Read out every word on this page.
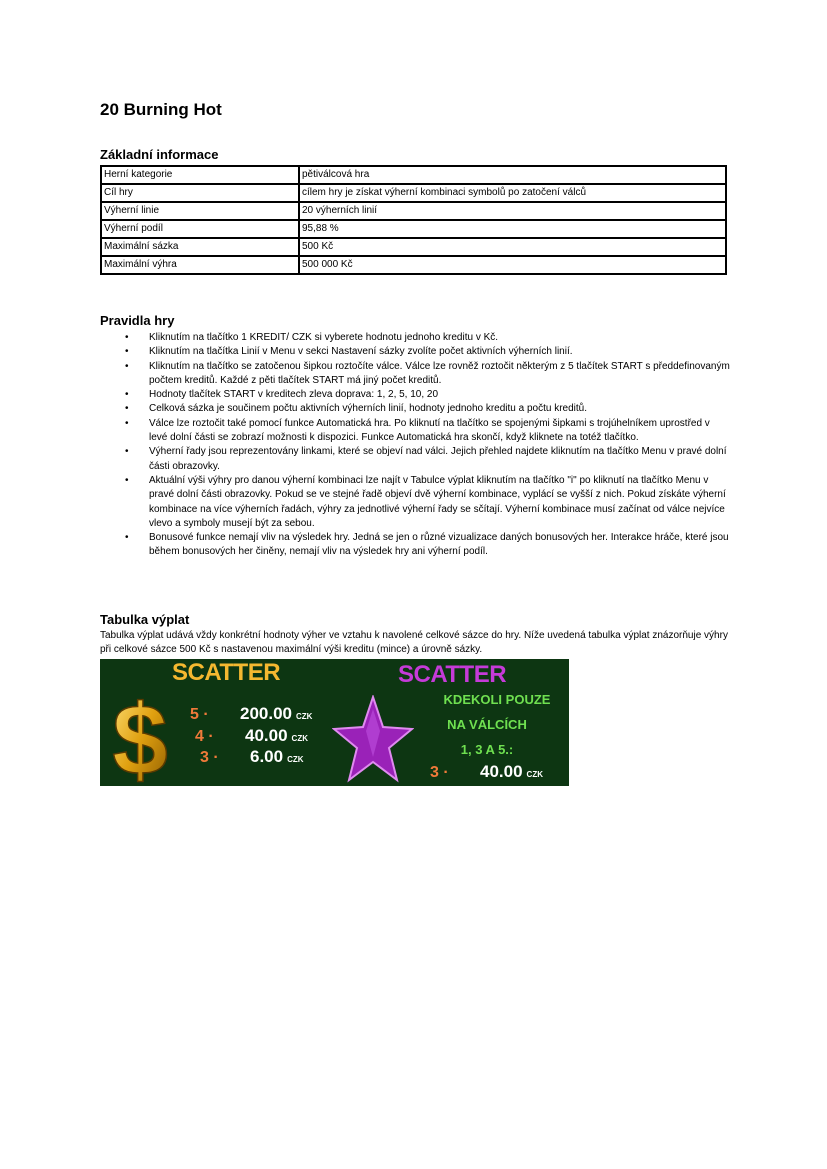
20 Burning Hot
Základní informace
Herní kategorie	pětiválcová hra
Cíl hry	cílem hry je získat výherní kombinaci symbolů po zatočení válců
Výherní linie	20 výherních linií
Výherní podíl	95,88 %
Maximální sázka	500 Kč
Maximální výhra	500 000 Kč
Pravidla hry
• Kliknutím na tlačítko 1 KREDIT/ CZK si vyberete hodnotu jednoho kreditu v Kč.
• Kliknutím na tlačítka Linií v Menu v sekci Nastavení sázky zvolíte počet aktivních výherních linií.
• Kliknutím na tlačítko se zatočenou šipkou roztočíte válce. Válce lze rovněž roztočit některým z 5 tlačítek START s předdefinovaným počtem kreditů. Každé z pěti tlačítek START má jiný počet kreditů.
• Hodnoty tlačítek START v kreditech zleva doprava: 1, 2, 5, 10, 20
• Celková sázka je součinem počtu aktivních výherních linií, hodnoty jednoho kreditu a počtu kreditů.
• Válce lze roztočit také pomocí funkce Automatická hra. Po kliknutí na tlačítko se spojenými šipkami s trojúhelníkem uprostřed v levé dolní části se zobrazí možnosti k dispozici. Funkce Automatická hra skončí, když kliknete na totéž tlačítko.
• Výherní řady jsou reprezentovány linkami, které se objeví nad válci. Jejich přehled najdete kliknutím na tlačítko Menu v pravé dolní části obrazovky.
• Aktuální výši výhry pro danou výherní kombinaci lze najít v Tabulce výplat kliknutím na tlačítko "i" po kliknutí na tlačítko Menu v pravé dolní části obrazovky. Pokud se ve stejné řadě objeví dvě výherní kombinace, vyplácí se vyšší z nich. Pokud získáte výherní kombinace na více výherních řadách, výhry za jednotlivé výherní řady se sčítají. Výherní kombinace musí začínat od válce nejvíce vlevo a symboly musejí být za sebou.
• Bonusové funkce nemají vliv na výsledek hry. Jedná se jen o různé vizualizace daných bonusových her. Interakce hráče, které jsou během bonusových her činěny, nemají vliv na výsledek hry ani výherní podíl.
Tabulka výplat

Tabulka výplat udává vždy konkrétní hodnoty výher ve vztahu k navolené celkové sázce do hry. Níže uvedená tabulka výplat znázorňuje výhry při celkové sázce 500 Kč s nastavenou maximální výši kreditu (mince) a úrovně sázky.

SCATTER
$ 5 · 200.00 CZK
4 · 40.00 CZK
3 · 6.00 CZK
SCATTER
KDEKOLI POUZE
NA VÁLCÍCH
1, 3 A 5.:
3 · 40.00 CZK
